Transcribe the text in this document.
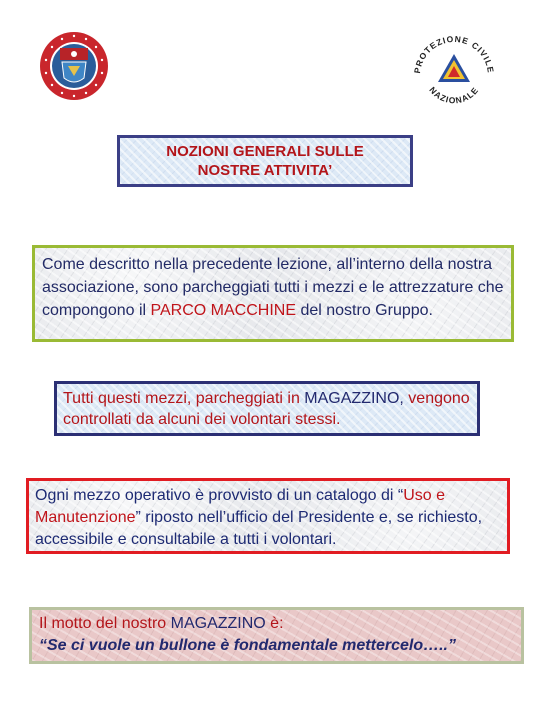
PROTEZIONE CIVILE
NAZIONALE

NOZIONI GENERALI SULLE

NOSTRE ATTIVITA’

Come descritto nella precedente lezione, all’interno della nostra associazione, sono parcheggiati tutti i mezzi e le attrezzature che compongono il PARCO MACCHINE del nostro Gruppo.
Tutti questi mezzi, parcheggiati in MAGAZZINO, vengono controllati da alcuni dei volontari stessi.
Ogni mezzo operativo è provvisto di un catalogo di “Uso e Manutenzione” riposto nell’ufficio del Presidente e, se richiesto, accessibile e consultabile a tutti i volontari.

Il motto del nostro MAGAZZINO è:

“Se ci vuole un bullone è fondamentale mettercelo…..”
